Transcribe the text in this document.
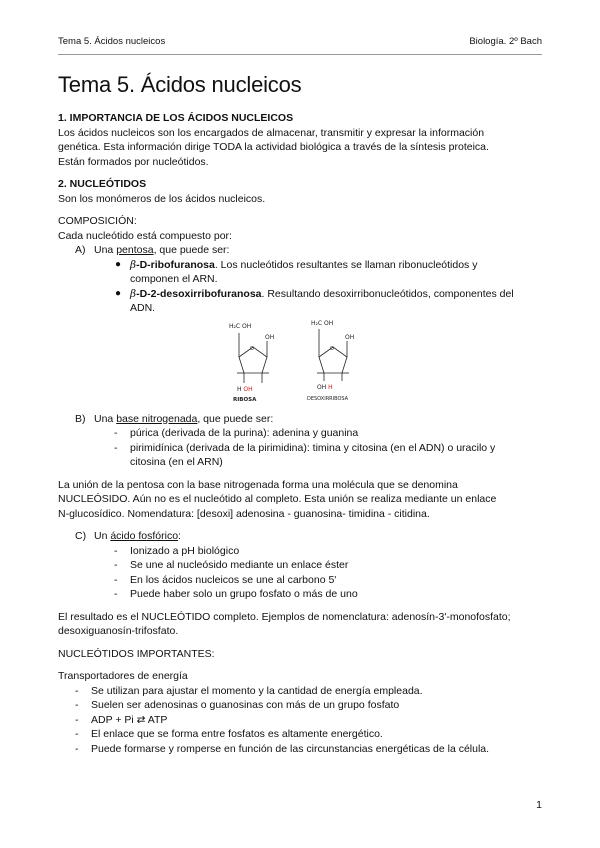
Tema 5. Ácidos nucleicos	Biología. 2º Bach
Tema 5. Ácidos nucleicos

1. IMPORTANCIA DE LOS ÁCIDOS NUCLEICOS

Los ácidos nucleicos son los encargados de almacenar, transmitir y expresar la información

genética. Esta información dirige TODA la actividad biológica a través de la síntesis proteica.

Están formados por nucleótidos.

2. NUCLEÓTIDOS

Son los monómeros de los ácidos nucleicos.

COMPOSICIÓN:

Cada nucleótido está compuesto por:

A) Una pentosa, que puede ser:
● β-D-ribofuranosa. Los nucleótidos resultantes se llaman ribonucleótidos y

componen el ARN.

● β-D-2-desoxirribofuranosa. Resultando desoxirribonucleótidos, componentes del

ADN.

B) Una base nitrogenada, que puede ser:
- púrica (derivada de la purina): adenina y guanina
- pirimidínica (derivada de la pirimidina): timina y citosina (en el ADN) o uracilo y

citosina (en el ARN)

La unión de la pentosa con la base nitrogenada forma una molécula que se denomina

NUCLEÓSIDO. Aún no es el nucleótido al completo. Esta unión se realiza mediante un enlace

N-glucosídico. Nomendatura: [desoxi] adenosina - guanosina- timidina - citidina.

C) Un ácido fosfórico:
- Ionizado a pH biológico
- Se une al nucleósido mediante un enlace éster
- En los ácidos nucleicos se une al carbono 5'
- Puede haber solo un grupo fosfato o más de uno

El resultado es el NUCLEÓTIDO completo. Ejemplos de nomenclatura: adenosín-3'-monofosfato;

desoxiguanosín-trifosfato.

NUCLEÓTIDOS IMPORTANTES:

Transportadores de energía

- Se utilizan para ajustar el momento y la cantidad de energía empleada.
- Suelen ser adenosinas o guanosinas con más de un grupo fosfato
- ADP + Pi ⇄ ATP
- El enlace que se forma entre fosfatos es altamente energético.
- Puede formarse y romperse en función de las circunstancias energéticas de la célula.
H₂C OH
OH
O
H OH
RIBOSA
H₂C OH
OH
O
OH H
DESOXIRRIBOSA
1
